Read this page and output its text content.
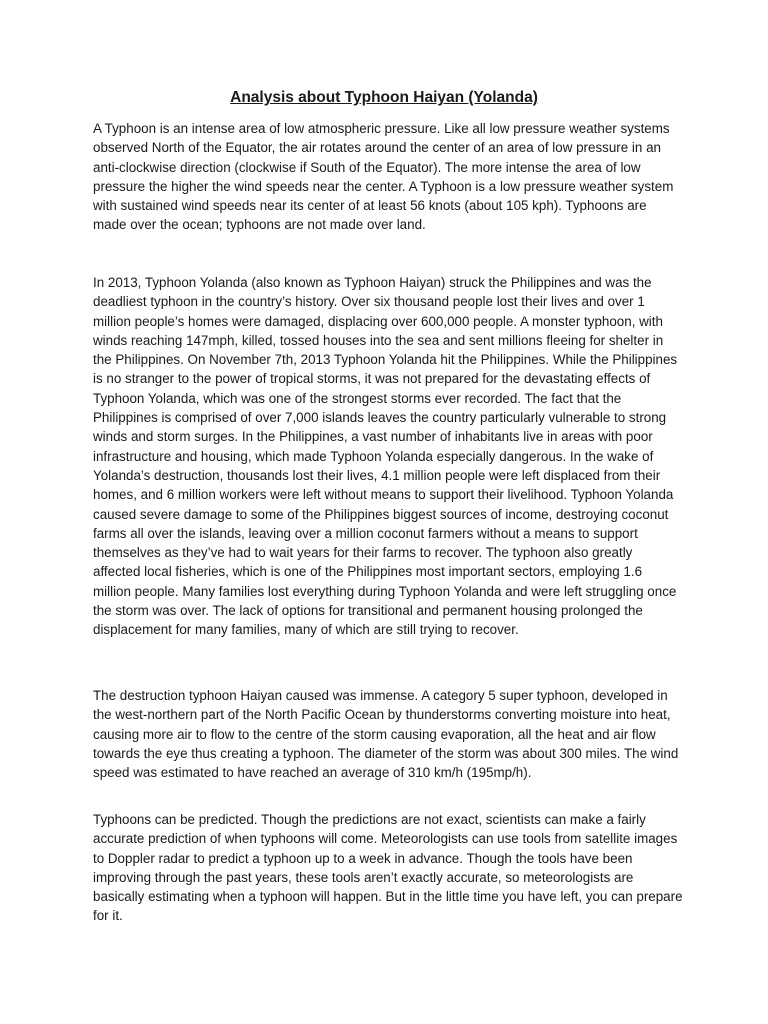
Analysis about Typhoon Haiyan (Yolanda)

A Typhoon is an intense area of low atmospheric pressure. Like all low pressure weather systems observed North of the Equator, the air rotates around the center of an area of low pressure in an anti-clockwise direction (clockwise if South of the Equator). The more intense the area of low pressure the higher the wind speeds near the center. A Typhoon is a low pressure weather system with sustained wind speeds near its center of at least 56 knots (about 105 kph). Typhoons are made over the ocean; typhoons are not made over land.

In 2013, Typhoon Yolanda (also known as Typhoon Haiyan) struck the Philippines and was the deadliest typhoon in the country’s history. Over six thousand people lost their lives and over 1 million people’s homes were damaged, displacing over 600,000 people. A monster typhoon, with winds reaching 147mph, killed, tossed houses into the sea and sent millions fleeing for shelter in the Philippines. On November 7th, 2013 Typhoon Yolanda hit the Philippines. While the Philippines is no stranger to the power of tropical storms, it was not prepared for the devastating effects of Typhoon Yolanda, which was one of the strongest storms ever recorded. The fact that the Philippines is comprised of over 7,000 islands leaves the country particularly vulnerable to strong winds and storm surges. In the Philippines, a vast number of inhabitants live in areas with poor infrastructure and housing, which made Typhoon Yolanda especially dangerous. In the wake of Yolanda’s destruction, thousands lost their lives, 4.1 million people were left displaced from their homes, and 6 million workers were left without means to support their livelihood. Typhoon Yolanda caused severe damage to some of the Philippines biggest sources of income, destroying coconut farms all over the islands, leaving over a million coconut farmers without a means to support themselves as they’ve had to wait years for their farms to recover. The typhoon also greatly affected local fisheries, which is one of the Philippines most important sectors, employing 1.6 million people. Many families lost everything during Typhoon Yolanda and were left struggling once the storm was over. The lack of options for transitional and permanent housing prolonged the displacement for many families, many of which are still trying to recover.

The destruction typhoon Haiyan caused was immense. A category 5 super typhoon, developed in the west-northern part of the North Pacific Ocean by thunderstorms converting moisture into heat, causing more air to flow to the centre of the storm causing evaporation, all the heat and air flow towards the eye thus creating a typhoon. The diameter of the storm was about 300 miles. The wind speed was estimated to have reached an average of 310 km/h (195mp/h).

Typhoons can be predicted. Though the predictions are not exact, scientists can make a fairly accurate prediction of when typhoons will come. Meteorologists can use tools from satellite images to Doppler radar to predict a typhoon up to a week in advance. Though the tools have been improving through the past years, these tools aren’t exactly accurate, so meteorologists are basically estimating when a typhoon will happen. But in the little time you have left, you can prepare for it.
